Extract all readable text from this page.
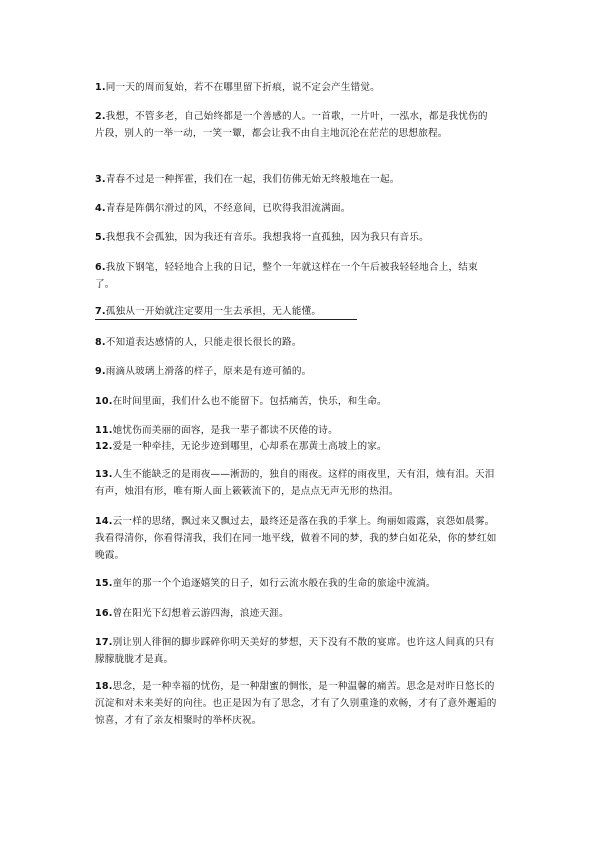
1.同一天的周而复始，若不在哪里留下折痕，说不定会产生错觉。
2.我想，不管多老，自己始终都是一个善感的人。一首歌，一片叶，一泓水，都是我忧伤的片段，别人的一举一动，一笑一颦，都会让我不由自主地沉沦在茫茫的思想旅程。
3.青春不过是一种挥霍，我们在一起，我们仿佛无始无终般地在一起。
4.青春是阵偶尔滑过的风，不经意间，已吹得我泪流满面。
5.我想我不会孤独，因为我还有音乐。我想我将一直孤独，因为我只有音乐。
6.我放下钢笔，轻轻地合上我的日记，整个一年就这样在一个午后被我轻轻地合上，结束了。
7.孤独从一开始就注定要用一生去承担，无人能懂。
8.不知道表达感情的人，只能走很长很长的路。
9.雨滴从玻璃上滑落的样子，原来是有迹可循的。
10.在时间里面，我们什么也不能留下。包括痛苦，快乐，和生命。
11.她忧伤而美丽的面容，是我一辈子都读不厌倦的诗。
12.爱是一种牵挂，无论步迹到哪里，心却系在那黄土高坡上的家。
13.人生不能缺乏的是雨夜——淅沥的，独自的雨夜。这样的雨夜里，天有泪，烛有泪。天泪有声，烛泪有形，唯有斯人面上簌簌流下的，是点点无声无形的热泪。
14.云一样的思绪，飘过来又飘过去，最终还是落在我的手掌上。绚丽如霞露，哀怨如晨雾。我看得清你，你看得清我，我们在同一地平线，做着不同的梦，我的梦白如花朵，你的梦红如晚霞。
15.童年的那一个个追逐嬉笑的日子，如行云流水般在我的生命的旅途中流淌。
16.曾在阳光下幻想着云游四海，浪迹天涯。
17.别让别人徘徊的脚步踩碎你明天美好的梦想，天下没有不散的宴席。也许这人间真的只有朦朦胧胧才是真。
18.思念，是一种幸福的忧伤，是一种甜蜜的惆怅，是一种温馨的痛苦。思念是对昨日悠长的沉淀和对未来美好的向往。也正是因为有了思念，才有了久别重逢的欢畅，才有了意外邂逅的惊喜，才有了亲友相聚时的举杯庆祝。
